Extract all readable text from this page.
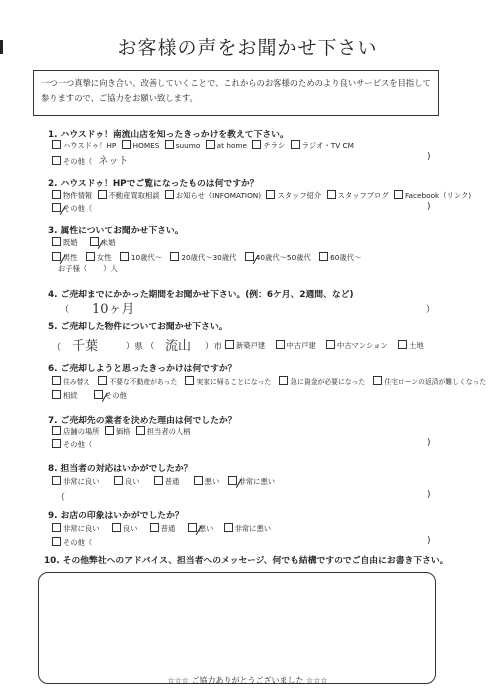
お客様の声をお聞かせ下さい
一つ一つ真摯に向き合い、改善していくことで、これからのお客様のためのより良いサービスを目指して参りますので、ご協力をお願い致します。
1. ハウスドゥ！南流山店を知ったきっかけを教えて下さい。
ハウスドゥ！HP HOMES suumo at home チラシ ラジオ・TV CM
その他（ ネット	)
2. ハウスドゥ！HPでご覧になったものは何ですか？
物件情報 不動産買取相談 お知らせ（INFOMATION) スタッフ紹介 スタッフブログ Facebook（リンク)
その他（	)
3. 属性についてお聞かせ下さい。
既婚	未婚
男性	女性	10歳代～	20歳代～30歳代	40歳代～50歳代	60歳代～
お子様（ ）人
4. ご売却までにかかった期間をお聞かせ下さい。(例：6ケ月、2週間、など)
（ 10ヶ月	）
5. ご売却した物件についてお聞かせ下さい。
（ 千葉	）県 （ 流山 ）市	新築戸建	中古戸建	中古マンション	土地
6. ご売却しようと思ったきっかけは何ですか？
住み替え	不要な不動産があった	実家に帰ることになった	急に資金が必要になった	住宅ローンの返済が難しくなった
相続	その他
7. ご売却先の業者を決めた理由は何でしたか？
店舗の場所 価格 担当者の人柄
その他（	)
8. 担当者の対応はいかがでしたか？
非常に良い	良い	普通	悪い	非常に悪い
（	)
9. お店の印象はいかがでしたか？
非常に良い	良い	普通	悪い	非常に悪い
その他（	)
10. その他弊社へのアドバイス、担当者へのメッセージ、何でも結構ですのでご自由にお書き下さい。
☆☆☆ ご協力ありがとうございました ☆☆☆
